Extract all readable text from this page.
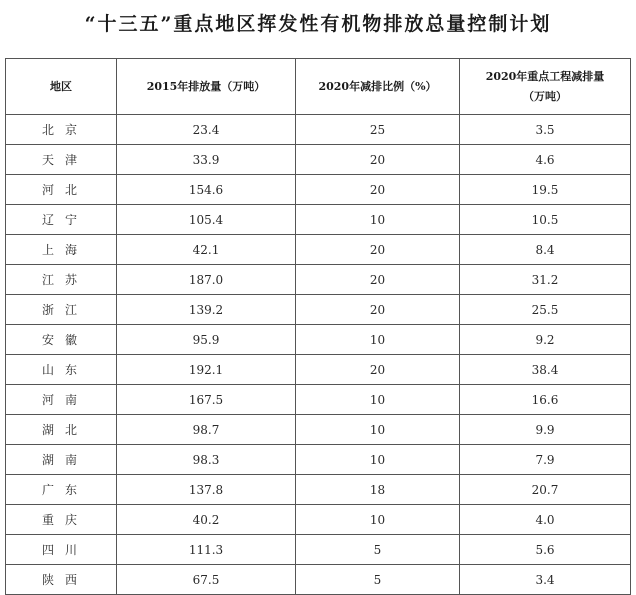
“十三五”重点地区挥发性有机物排放总量控制计划
地区	2015年排放量（万吨）	2020年减排比例（%）	2020年重点工程减排量
（万吨）

北京	23.4	25	3.5
天津	33.9	20	4.6
河北	154.6	20	19.5
辽宁	105.4	10	10.5
上海	42.1	20	8.4
江苏	187.0	20	31.2
浙江	139.2	20	25.5
安徽	95.9	10	9.2
山东	192.1	20	38.4
河南	167.5	10	16.6
湖北	98.7	10	9.9
湖南	98.3	10	7.9
广东	137.8	18	20.7
重庆	40.2	10	4.0
四川	111.3	5	5.6
陕西	67.5	5	3.4
